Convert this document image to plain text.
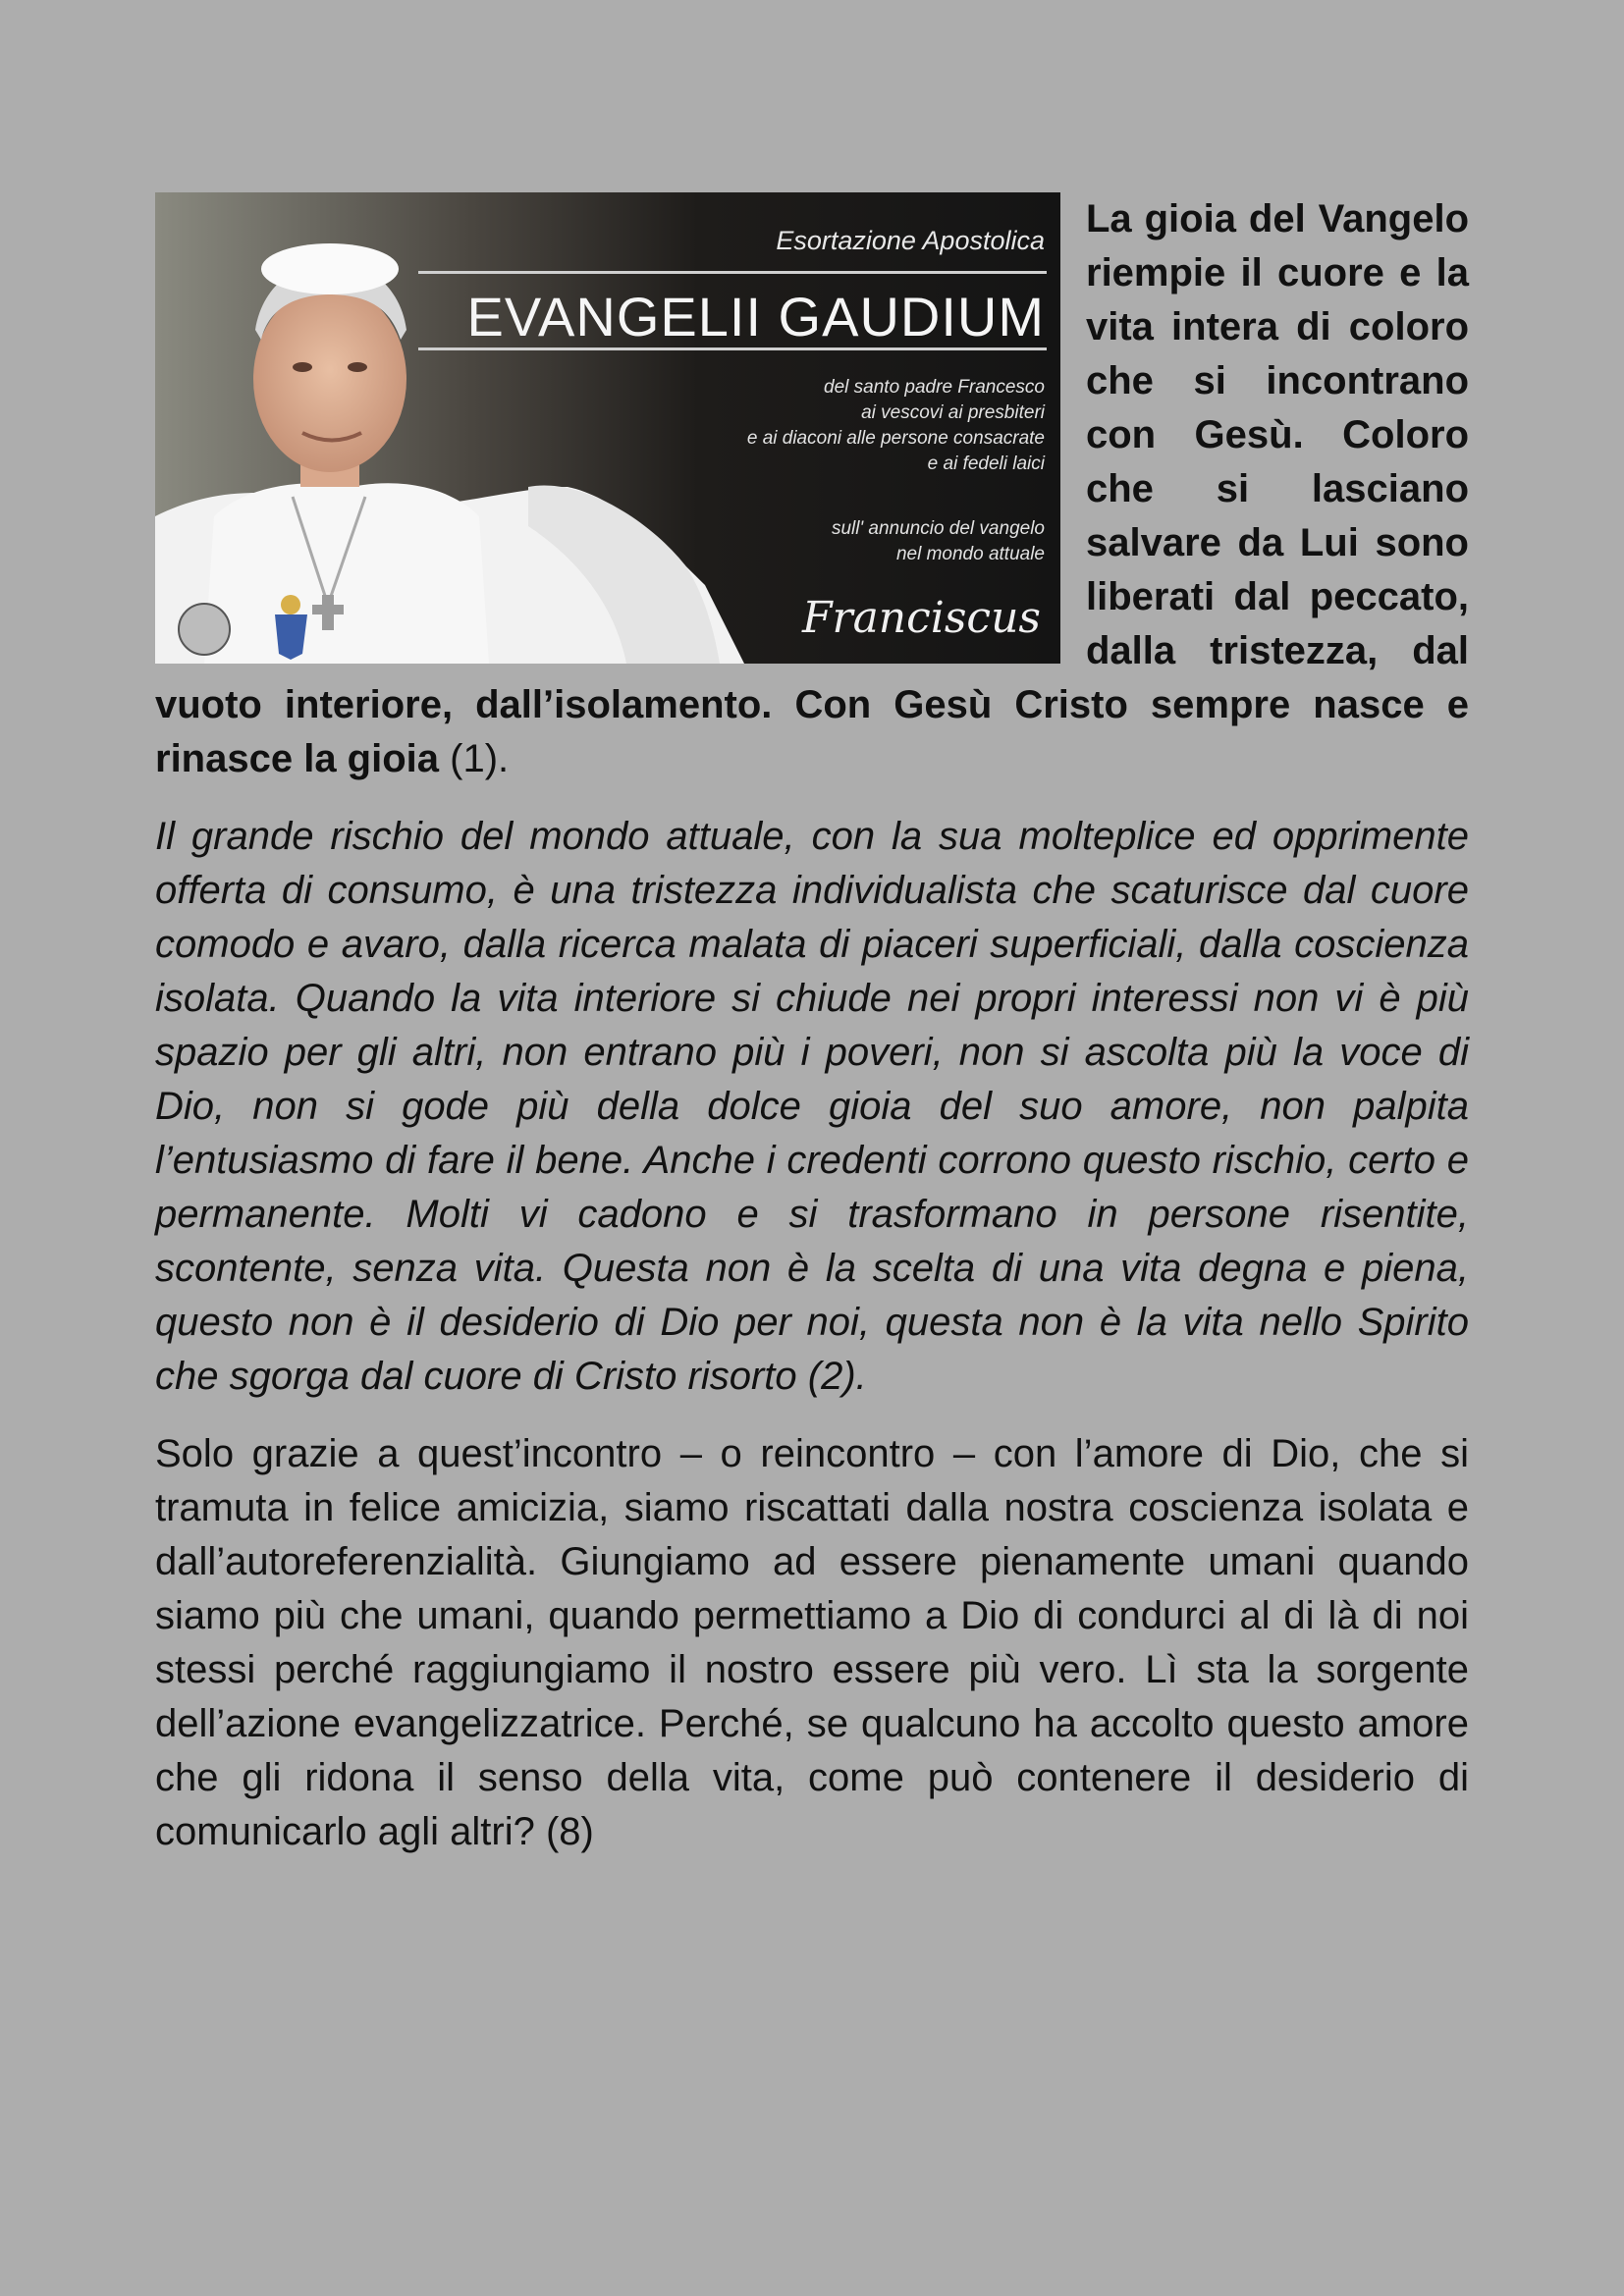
Esortazione Apostolica
EVANGELII GAUDIUM
del santo padre Francesco
ai vescovi ai presbiteri
e ai diaconi alle persone consacrate
e ai fedeli laici
sull' annuncio del vangelo
nel mondo attuale
Franciscus

La gioia del Vangelo riempie il cuore e la vita intera di coloro che si incontrano con Gesù. Coloro che si lasciano salvare da Lui sono liberati dal peccato, dalla tristezza, dal vuoto interiore, dall’isolamento. Con Gesù Cristo sempre nasce e rinasce la gioia (1).

Il grande rischio del mondo attuale, con la sua molteplice ed opprimente offerta di consumo, è una tristezza individualista che scaturisce dal cuore comodo e avaro, dalla ricerca malata di piaceri superficiali, dalla coscienza isolata. Quando la vita interiore si chiude nei propri interessi non vi è più spazio per gli altri, non entrano più i poveri, non si ascolta più la voce di Dio, non si gode più della dolce gioia del suo amore, non palpita l’entusiasmo di fare il bene. Anche i credenti corrono questo rischio, certo e permanente. Molti vi cadono e si trasformano in persone risentite, scontente, senza vita. Questa non è la scelta di una vita degna e piena, questo non è il desiderio di Dio per noi, questa non è la vita nello Spirito che sgorga dal cuore di Cristo risorto (2).

Solo grazie a quest’incontro – o reincontro – con l’amore di Dio, che si tramuta in felice amicizia, siamo riscattati dalla nostra coscienza isolata e dall’autoreferenzialità. Giungiamo ad essere pienamente umani quando siamo più che umani, quando permettiamo a Dio di condurci al di là di noi stessi perché raggiungiamo il nostro essere più vero. Lì sta la sorgente dell’azione evangelizzatrice. Perché, se qualcuno ha accolto questo amore che gli ridona il senso della vita, come può contenere il desiderio di comunicarlo agli altri? (8)
